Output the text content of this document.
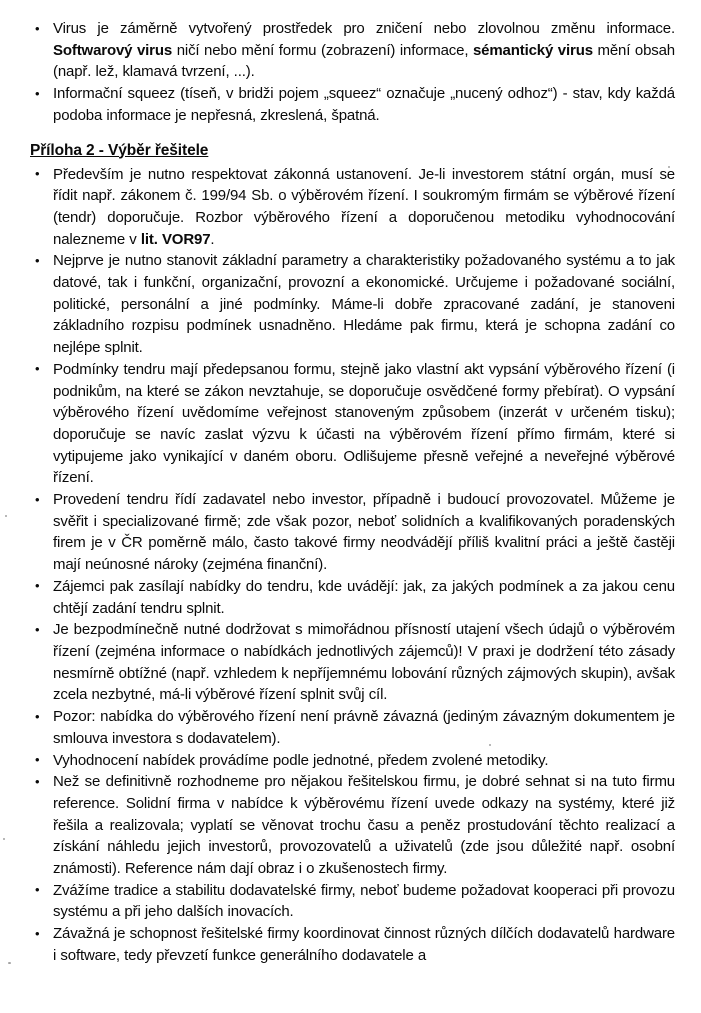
• Virus je záměrně vytvořený prostředek pro zničení nebo zlovolnou změnu informace. Softwarový virus ničí nebo mění formu (zobrazení) informace, sémantický virus mění obsah (např. lež, klamavá tvrzení, ...).
• Informační squeez (tíseň, v bridži pojem „squeez“ označuje „nucený odhoz“) - stav, kdy každá podoba informace je nepřesná, zkreslená, špatná.
Příloha 2 - Výběr řešitele
• Především je nutno respektovat zákonná ustanovení. Je-li investorem státní orgán, musí se řídit např. zákonem č. 199/94 Sb. o výběrovém řízení. I soukromým firmám se výběrové řízení (tendr) doporučuje. Rozbor výběrového řízení a doporučenou metodiku vyhodnocování nalezneme v lit. VOR97.
• Nejprve je nutno stanovit základní parametry a charakteristiky požadovaného systému a to jak datové, tak i funkční, organizační, provozní a ekonomické. Určujeme i požadované sociální, politické, personální a jiné podmínky. Máme-li dobře zpracované zadání, je stanoveni základního rozpisu podmínek usnadněno. Hledáme pak firmu, která je schopna zadání co nejlépe splnit.
• Podmínky tendru mají předepsanou formu, stejně jako vlastní akt vypsání výběrového řízení (i podnikům, na které se zákon nevztahuje, se doporučuje osvědčené formy přebírat). O vypsání výběrového řízení uvědomíme veřejnost stanoveným způsobem (inzerát v určeném tisku); doporučuje se navíc zaslat výzvu k účasti na výběrovém řízení přímo firmám, které si vytipujeme jako vynikající v daném oboru. Odlišujeme přesně veřejné a neveřejné výběrové řízení.
• Provedení tendru řídí zadavatel nebo investor, případně i budoucí provozovatel. Můžeme je svěřit i specializované firmě; zde však pozor, neboť solidních a kvalifikovaných poradenských firem je v ČR poměrně málo, často takové firmy neodvádějí příliš kvalitní práci a ještě častěji mají neúnosné nároky (zejména finanční).
• Zájemci pak zasílají nabídky do tendru, kde uvádějí: jak, za jakých podmínek a za jakou cenu chtějí zadání tendru splnit.
• Je bezpodmínečně nutné dodržovat s mimořádnou přísností utajení všech údajů o výběrovém řízení (zejména informace o nabídkách jednotlivých zájemců)! V praxi je dodržení této zásady nesmírně obtížné (např. vzhledem k nepříjemnému lobování různých zájmových skupin), avšak zcela nezbytné, má-li výběrové řízení splnit svůj cíl.
• Pozor: nabídka do výběrového řízení není právně závazná (jediným závazným dokumentem je smlouva investora s dodavatelem).
• Vyhodnocení nabídek provádíme podle jednotné, předem zvolené metodiky.
• Než se definitivně rozhodneme pro nějakou řešitelskou firmu, je dobré sehnat si na tuto firmu reference. Solidní firma v nabídce k výběrovému řízení uvede odkazy na systémy, které již řešila a realizovala; vyplatí se věnovat trochu času a peněz prostudování těchto realizací a získání náhledu jejich investorů, provozovatelů a uživatelů (zde jsou důležité např. osobní známosti). Reference nám dají obraz i o zkušenostech firmy.
• Zvážíme tradice a stabilitu dodavatelské firmy, neboť budeme požadovat kooperaci při provozu systému a při jeho dalších inovacích.
• Závažná je schopnost řešitelské firmy koordinovat činnost různých dílčích dodavatelů hardware i software, tedy převzetí funkce generálního dodavatele a
